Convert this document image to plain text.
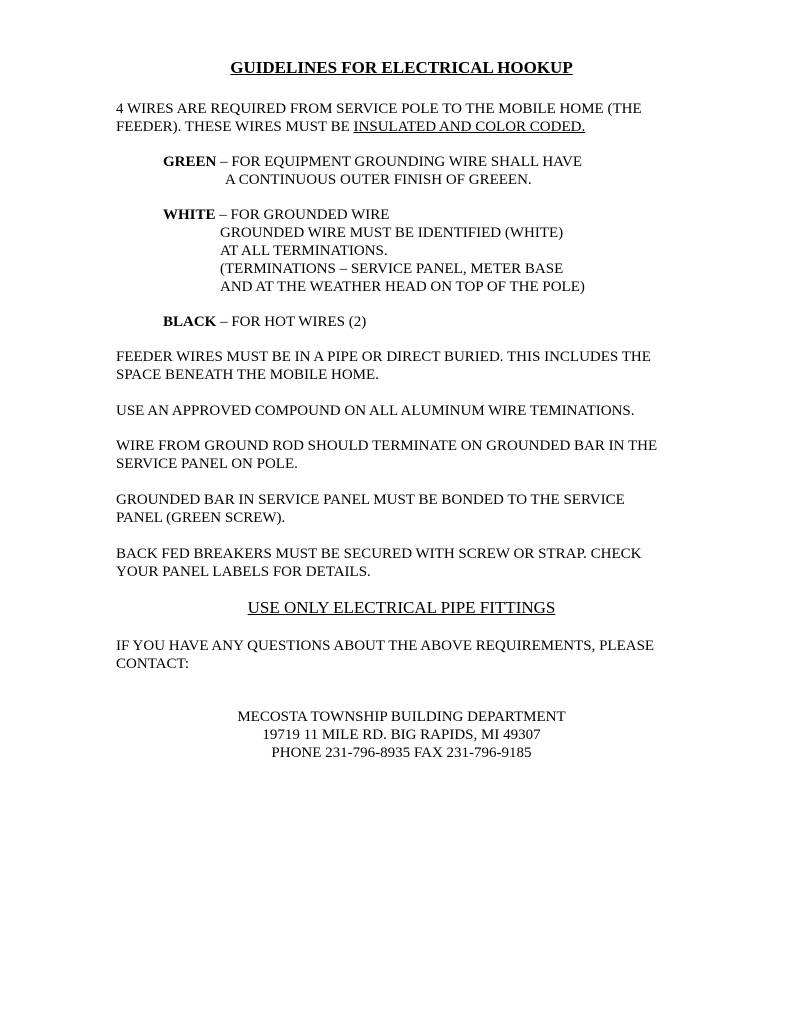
GUIDELINES FOR ELECTRICAL HOOKUP

4 WIRES ARE REQUIRED FROM SERVICE POLE TO THE MOBILE HOME (THE

FEEDER). THESE WIRES MUST BE INSULATED AND COLOR CODED.

GREEN – FOR EQUIPMENT GROUNDING WIRE SHALL HAVE

A CONTINUOUS OUTER FINISH OF GREEEN.

WHITE – FOR GROUNDED WIRE

GROUNDED WIRE MUST BE IDENTIFIED (WHITE)

AT ALL TERMINATIONS.

(TERMINATIONS – SERVICE PANEL, METER BASE

AND AT THE WEATHER HEAD ON TOP OF THE POLE)

BLACK – FOR HOT WIRES (2)

FEEDER WIRES MUST BE IN A PIPE OR DIRECT BURIED. THIS INCLUDES THE

SPACE BENEATH THE MOBILE HOME.

USE AN APPROVED COMPOUND ON ALL ALUMINUM WIRE TEMINATIONS.

WIRE FROM GROUND ROD SHOULD TERMINATE ON GROUNDED BAR IN THE

SERVICE PANEL ON POLE.

GROUNDED BAR IN SERVICE PANEL MUST BE BONDED TO THE SERVICE

PANEL (GREEN SCREW).

BACK FED BREAKERS MUST BE SECURED WITH SCREW OR STRAP. CHECK

YOUR PANEL LABELS FOR DETAILS.

USE ONLY ELECTRICAL PIPE FITTINGS

IF YOU HAVE ANY QUESTIONS ABOUT THE ABOVE REQUIREMENTS, PLEASE

CONTACT:

MECOSTA TOWNSHIP BUILDING DEPARTMENT

19719 11 MILE RD. BIG RAPIDS, MI 49307

PHONE 231-796-8935 FAX 231-796-9185
